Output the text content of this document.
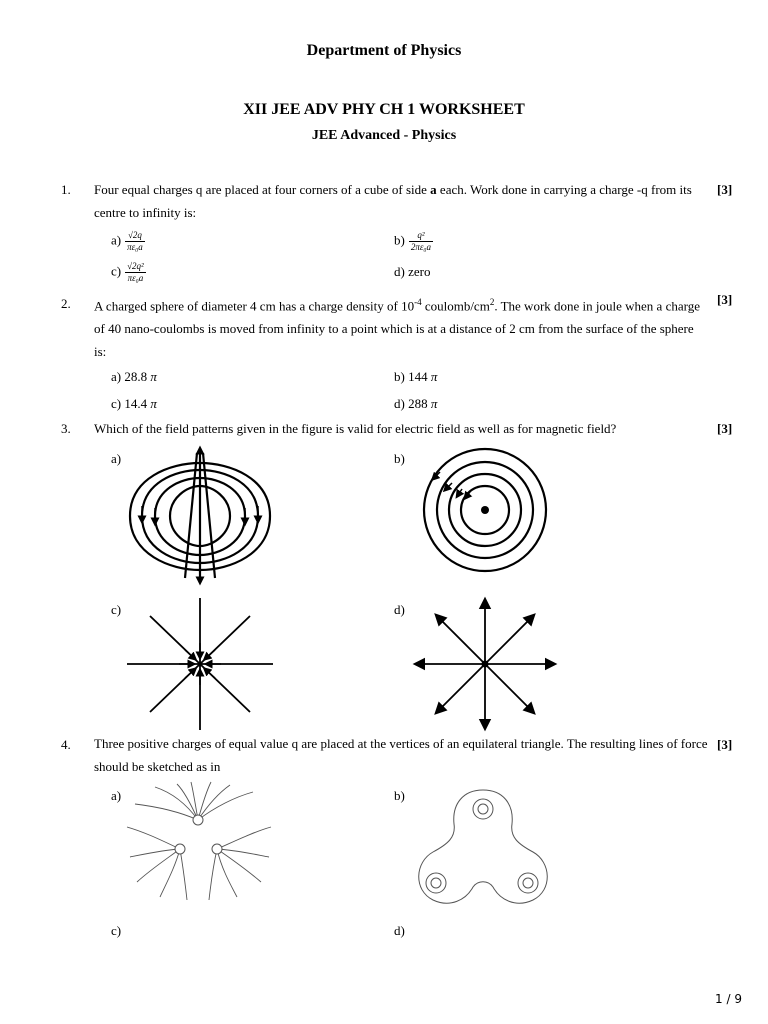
Department of Physics
XII JEE ADV PHY CH 1 WORKSHEET
JEE Advanced - Physics
1. Four equal charges q are placed at four corners of a cube of side a each. Work done in carrying a charge -q from its centre to infinity is:
[3]
$a) \frac{√2q}{\text{πε₀a}}$	$b) \frac{\text{q²}}{\text{2πε₀a}}$
$c) \frac{\text{√2q²}}{\text{πε₀a}}$	d) zero
2. A charged sphere of diameter 4 cm has a charge density of $10^{-4}$ coulomb/$cm^2$. The work done in joule when a charge of 40 nano-coulombs is moved from infinity to a point which is at a distance of 2 cm from the surface of the sphere is:
[3]
a) 28.8 π	b) 144 π
c) 14.4 π	d) 288 π
3. Which of the field patterns given in the figure is valid for electric field as well as for magnetic field?	[3]
a)	b)
c)	d)
4. Three positive charges of equal value q are placed at the vertices of an equilateral triangle. The resulting lines of force should be sketched as in
[3]
a)	b)
c)	d)
1 / 9
